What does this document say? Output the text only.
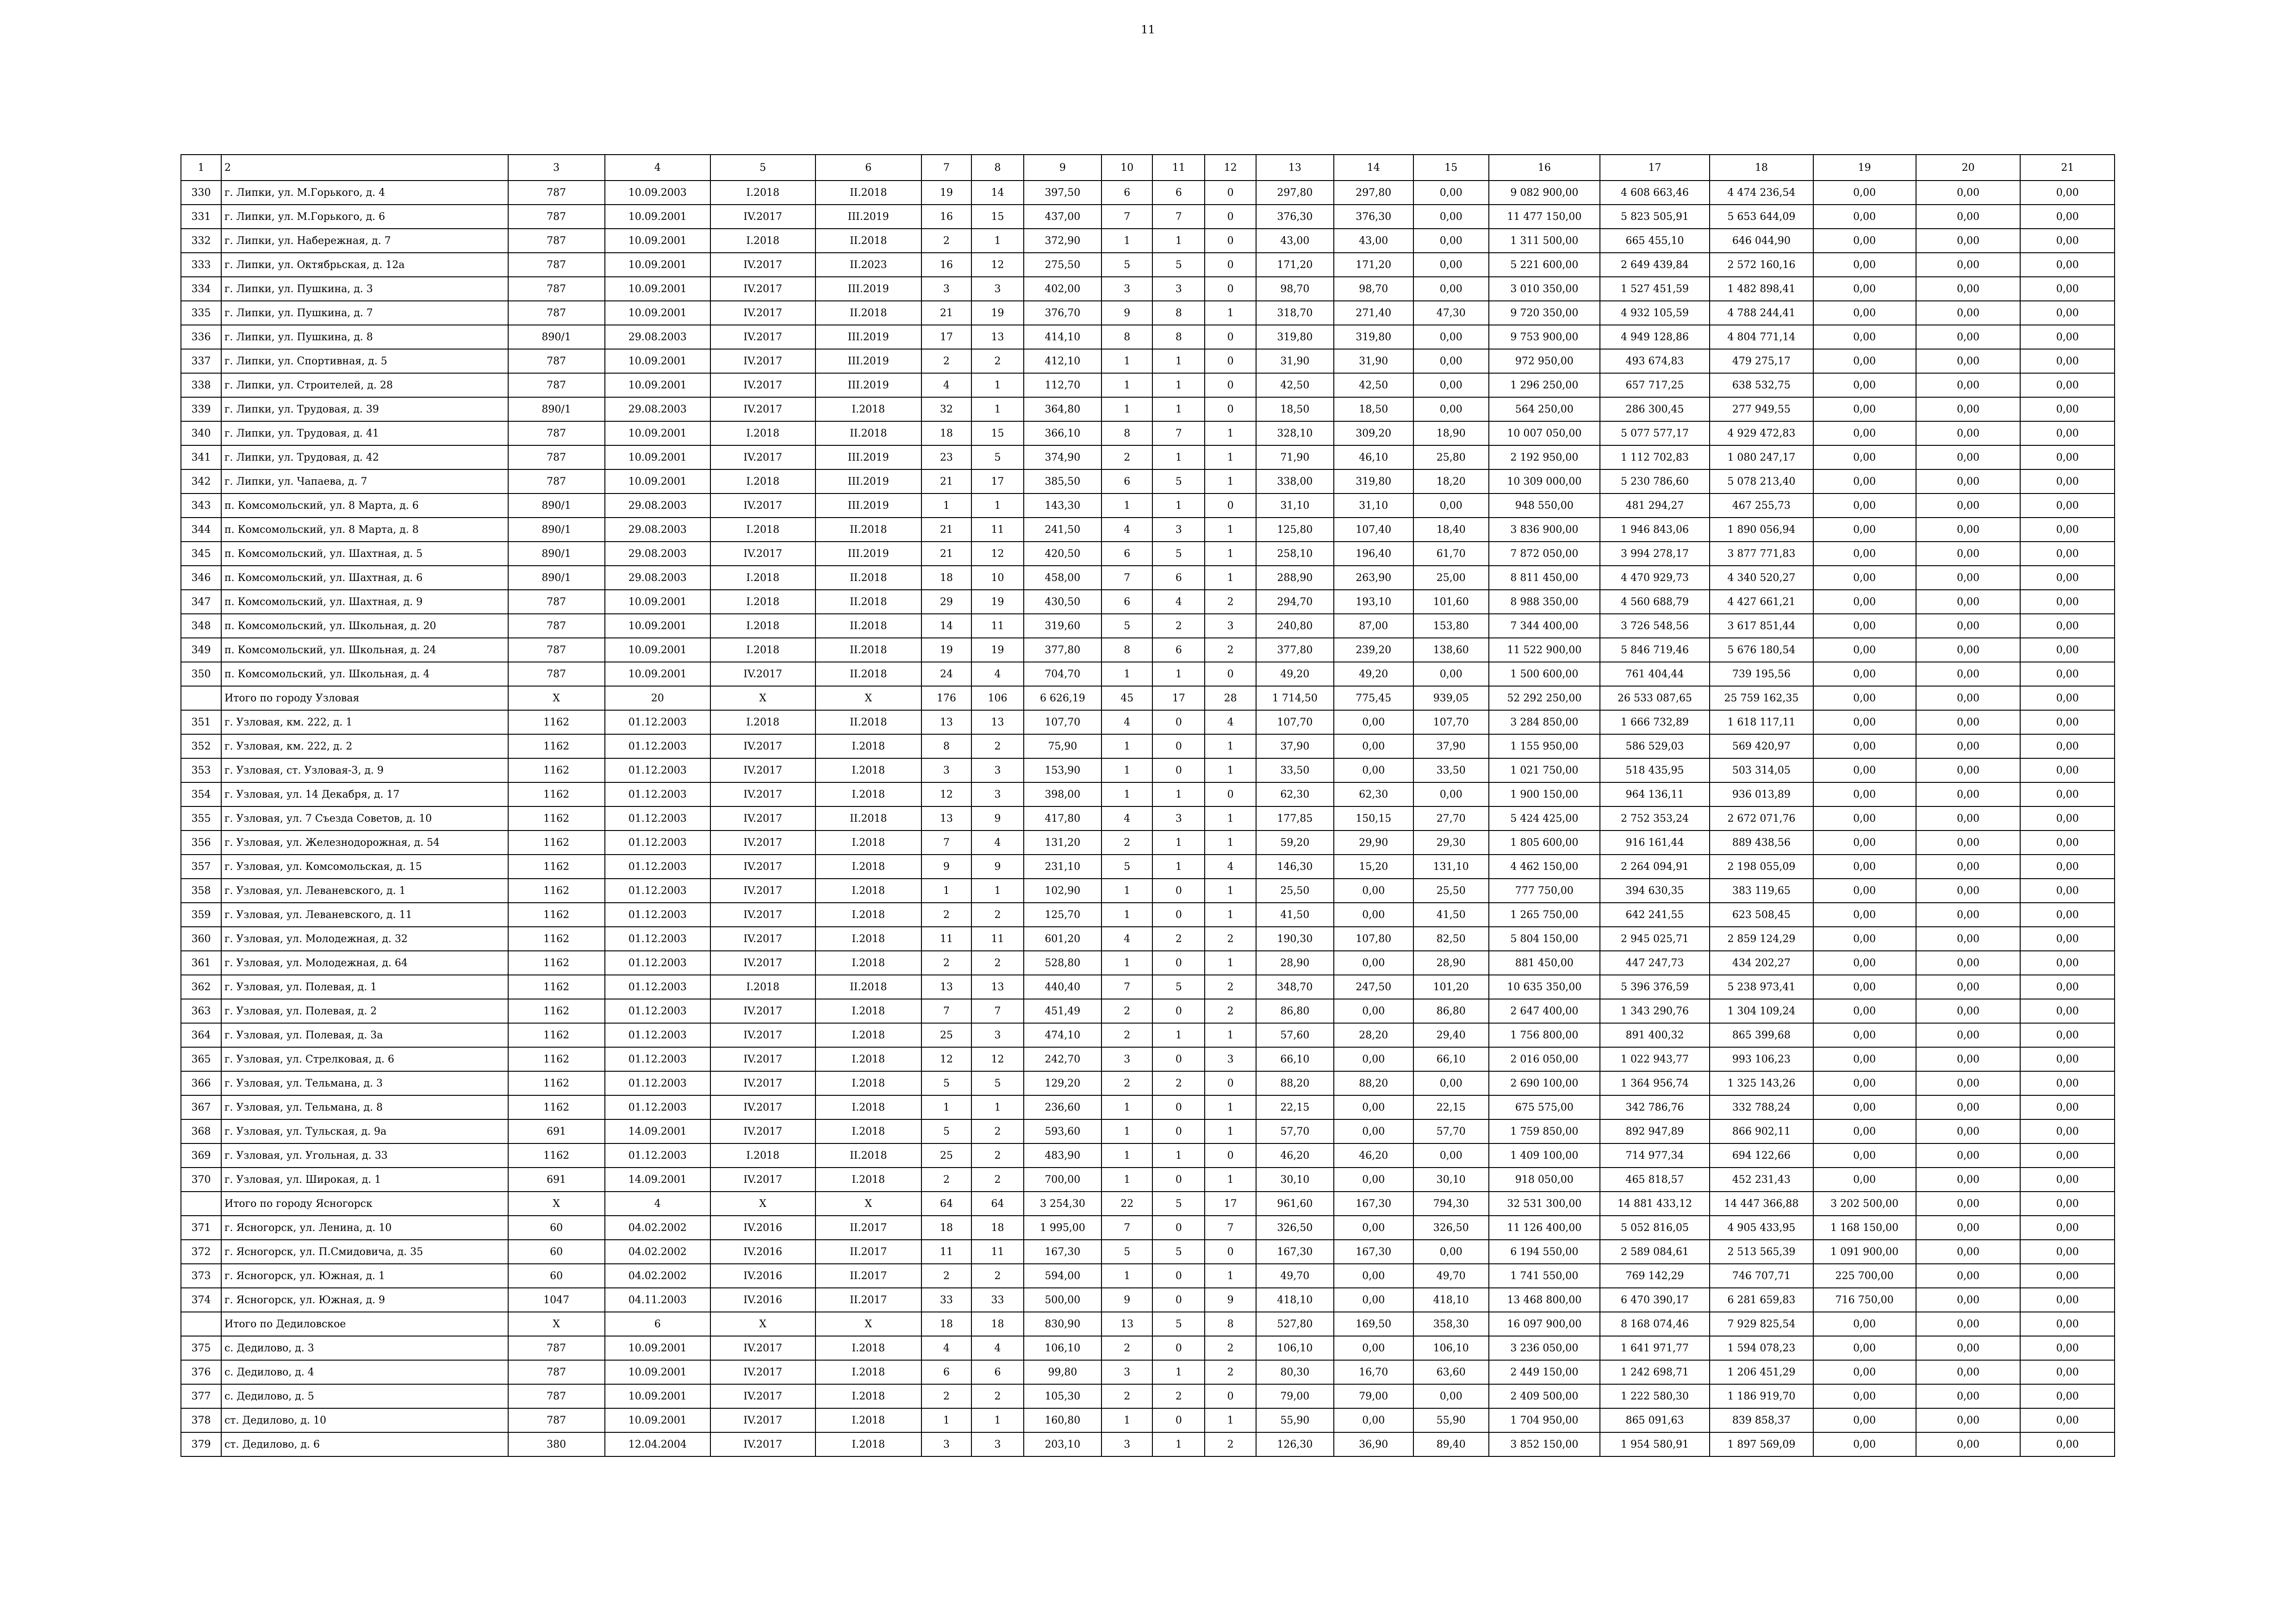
11
1	2	3	4	5	6	7	8	9	10	11	12	13	14	15	16	17	18	19	20	21
330	г. Липки, ул. М.Горького, д. 4	787	10.09.2003	I.2018	II.2018	19	14	397,50	6	6	0	297,80	297,80	0,00	9 082 900,00	4 608 663,46	4 474 236,54	0,00	0,00	0,00
331	г. Липки, ул. М.Горького, д. 6	787	10.09.2001	IV.2017	III.2019	16	15	437,00	7	7	0	376,30	376,30	0,00	11 477 150,00	5 823 505,91	5 653 644,09	0,00	0,00	0,00
332	г. Липки, ул. Набережная, д. 7	787	10.09.2001	I.2018	II.2018	2	1	372,90	1	1	0	43,00	43,00	0,00	1 311 500,00	665 455,10	646 044,90	0,00	0,00	0,00
333	г. Липки, ул. Октябрьская, д. 12а	787	10.09.2001	IV.2017	II.2023	16	12	275,50	5	5	0	171,20	171,20	0,00	5 221 600,00	2 649 439,84	2 572 160,16	0,00	0,00	0,00
334	г. Липки, ул. Пушкина, д. 3	787	10.09.2001	IV.2017	III.2019	3	3	402,00	3	3	0	98,70	98,70	0,00	3 010 350,00	1 527 451,59	1 482 898,41	0,00	0,00	0,00
335	г. Липки, ул. Пушкина, д. 7	787	10.09.2001	IV.2017	II.2018	21	19	376,70	9	8	1	318,70	271,40	47,30	9 720 350,00	4 932 105,59	4 788 244,41	0,00	0,00	0,00
336	г. Липки, ул. Пушкина, д. 8	890/1	29.08.2003	IV.2017	III.2019	17	13	414,10	8	8	0	319,80	319,80	0,00	9 753 900,00	4 949 128,86	4 804 771,14	0,00	0,00	0,00
337	г. Липки, ул. Спортивная, д. 5	787	10.09.2001	IV.2017	III.2019	2	2	412,10	1	1	0	31,90	31,90	0,00	972 950,00	493 674,83	479 275,17	0,00	0,00	0,00
338	г. Липки, ул. Строителей, д. 28	787	10.09.2001	IV.2017	III.2019	4	1	112,70	1	1	0	42,50	42,50	0,00	1 296 250,00	657 717,25	638 532,75	0,00	0,00	0,00
339	г. Липки, ул. Трудовая, д. 39	890/1	29.08.2003	IV.2017	I.2018	32	1	364,80	1	1	0	18,50	18,50	0,00	564 250,00	286 300,45	277 949,55	0,00	0,00	0,00
340	г. Липки, ул. Трудовая, д. 41	787	10.09.2001	I.2018	II.2018	18	15	366,10	8	7	1	328,10	309,20	18,90	10 007 050,00	5 077 577,17	4 929 472,83	0,00	0,00	0,00
341	г. Липки, ул. Трудовая, д. 42	787	10.09.2001	IV.2017	III.2019	23	5	374,90	2	1	1	71,90	46,10	25,80	2 192 950,00	1 112 702,83	1 080 247,17	0,00	0,00	0,00
342	г. Липки, ул. Чапаева, д. 7	787	10.09.2001	I.2018	III.2019	21	17	385,50	6	5	1	338,00	319,80	18,20	10 309 000,00	5 230 786,60	5 078 213,40	0,00	0,00	0,00
343	п. Комсомольский, ул. 8 Марта, д. 6	890/1	29.08.2003	IV.2017	III.2019	1	1	143,30	1	1	0	31,10	31,10	0,00	948 550,00	481 294,27	467 255,73	0,00	0,00	0,00
344	п. Комсомольский, ул. 8 Марта, д. 8	890/1	29.08.2003	I.2018	II.2018	21	11	241,50	4	3	1	125,80	107,40	18,40	3 836 900,00	1 946 843,06	1 890 056,94	0,00	0,00	0,00
345	п. Комсомольский, ул. Шахтная, д. 5	890/1	29.08.2003	IV.2017	III.2019	21	12	420,50	6	5	1	258,10	196,40	61,70	7 872 050,00	3 994 278,17	3 877 771,83	0,00	0,00	0,00
346	п. Комсомольский, ул. Шахтная, д. 6	890/1	29.08.2003	I.2018	II.2018	18	10	458,00	7	6	1	288,90	263,90	25,00	8 811 450,00	4 470 929,73	4 340 520,27	0,00	0,00	0,00
347	п. Комсомольский, ул. Шахтная, д. 9	787	10.09.2001	I.2018	II.2018	29	19	430,50	6	4	2	294,70	193,10	101,60	8 988 350,00	4 560 688,79	4 427 661,21	0,00	0,00	0,00
348	п. Комсомольский, ул. Школьная, д. 20	787	10.09.2001	I.2018	II.2018	14	11	319,60	5	2	3	240,80	87,00	153,80	7 344 400,00	3 726 548,56	3 617 851,44	0,00	0,00	0,00
349	п. Комсомольский, ул. Школьная, д. 24	787	10.09.2001	I.2018	II.2018	19	19	377,80	8	6	2	377,80	239,20	138,60	11 522 900,00	5 846 719,46	5 676 180,54	0,00	0,00	0,00
350	п. Комсомольский, ул. Школьная, д. 4	787	10.09.2001	IV.2017	II.2018	24	4	704,70	1	1	0	49,20	49,20	0,00	1 500 600,00	761 404,44	739 195,56	0,00	0,00	0,00
	Итого по городу Узловая	X	20	X	X	176	106	6 626,19	45	17	28	1 714,50	775,45	939,05	52 292 250,00	26 533 087,65	25 759 162,35	0,00	0,00	0,00
351	г. Узловая, км. 222, д. 1	1162	01.12.2003	I.2018	II.2018	13	13	107,70	4	0	4	107,70	0,00	107,70	3 284 850,00	1 666 732,89	1 618 117,11	0,00	0,00	0,00
352	г. Узловая, км. 222, д. 2	1162	01.12.2003	IV.2017	I.2018	8	2	75,90	1	0	1	37,90	0,00	37,90	1 155 950,00	586 529,03	569 420,97	0,00	0,00	0,00
353	г. Узловая, ст. Узловая-3, д. 9	1162	01.12.2003	IV.2017	I.2018	3	3	153,90	1	0	1	33,50	0,00	33,50	1 021 750,00	518 435,95	503 314,05	0,00	0,00	0,00
354	г. Узловая, ул. 14 Декабря, д. 17	1162	01.12.2003	IV.2017	I.2018	12	3	398,00	1	1	0	62,30	62,30	0,00	1 900 150,00	964 136,11	936 013,89	0,00	0,00	0,00
355	г. Узловая, ул. 7 Съезда Советов, д. 10	1162	01.12.2003	IV.2017	II.2018	13	9	417,80	4	3	1	177,85	150,15	27,70	5 424 425,00	2 752 353,24	2 672 071,76	0,00	0,00	0,00
356	г. Узловая, ул. Железнодорожная, д. 54	1162	01.12.2003	IV.2017	I.2018	7	4	131,20	2	1	1	59,20	29,90	29,30	1 805 600,00	916 161,44	889 438,56	0,00	0,00	0,00
357	г. Узловая, ул. Комсомольская, д. 15	1162	01.12.2003	IV.2017	I.2018	9	9	231,10	5	1	4	146,30	15,20	131,10	4 462 150,00	2 264 094,91	2 198 055,09	0,00	0,00	0,00
358	г. Узловая, ул. Леваневского, д. 1	1162	01.12.2003	IV.2017	I.2018	1	1	102,90	1	0	1	25,50	0,00	25,50	777 750,00	394 630,35	383 119,65	0,00	0,00	0,00
359	г. Узловая, ул. Леваневского, д. 11	1162	01.12.2003	IV.2017	I.2018	2	2	125,70	1	0	1	41,50	0,00	41,50	1 265 750,00	642 241,55	623 508,45	0,00	0,00	0,00
360	г. Узловая, ул. Молодежная, д. 32	1162	01.12.2003	IV.2017	I.2018	11	11	601,20	4	2	2	190,30	107,80	82,50	5 804 150,00	2 945 025,71	2 859 124,29	0,00	0,00	0,00
361	г. Узловая, ул. Молодежная, д. 64	1162	01.12.2003	IV.2017	I.2018	2	2	528,80	1	0	1	28,90	0,00	28,90	881 450,00	447 247,73	434 202,27	0,00	0,00	0,00
362	г. Узловая, ул. Полевая, д. 1	1162	01.12.2003	I.2018	II.2018	13	13	440,40	7	5	2	348,70	247,50	101,20	10 635 350,00	5 396 376,59	5 238 973,41	0,00	0,00	0,00
363	г. Узловая, ул. Полевая, д. 2	1162	01.12.2003	IV.2017	I.2018	7	7	451,49	2	0	2	86,80	0,00	86,80	2 647 400,00	1 343 290,76	1 304 109,24	0,00	0,00	0,00
364	г. Узловая, ул. Полевая, д. 3а	1162	01.12.2003	IV.2017	I.2018	25	3	474,10	2	1	1	57,60	28,20	29,40	1 756 800,00	891 400,32	865 399,68	0,00	0,00	0,00
365	г. Узловая, ул. Стрелковая, д. 6	1162	01.12.2003	IV.2017	I.2018	12	12	242,70	3	0	3	66,10	0,00	66,10	2 016 050,00	1 022 943,77	993 106,23	0,00	0,00	0,00
366	г. Узловая, ул. Тельмана, д. 3	1162	01.12.2003	IV.2017	I.2018	5	5	129,20	2	2	0	88,20	88,20	0,00	2 690 100,00	1 364 956,74	1 325 143,26	0,00	0,00	0,00
367	г. Узловая, ул. Тельмана, д. 8	1162	01.12.2003	IV.2017	I.2018	1	1	236,60	1	0	1	22,15	0,00	22,15	675 575,00	342 786,76	332 788,24	0,00	0,00	0,00
368	г. Узловая, ул. Тульская, д. 9а	691	14.09.2001	IV.2017	I.2018	5	2	593,60	1	0	1	57,70	0,00	57,70	1 759 850,00	892 947,89	866 902,11	0,00	0,00	0,00
369	г. Узловая, ул. Угольная, д. 33	1162	01.12.2003	I.2018	II.2018	25	2	483,90	1	1	0	46,20	46,20	0,00	1 409 100,00	714 977,34	694 122,66	0,00	0,00	0,00
370	г. Узловая, ул. Широкая, д. 1	691	14.09.2001	IV.2017	I.2018	2	2	700,00	1	0	1	30,10	0,00	30,10	918 050,00	465 818,57	452 231,43	0,00	0,00	0,00
	Итого по городу Ясногорск	X	4	X	X	64	64	3 254,30	22	5	17	961,60	167,30	794,30	32 531 300,00	14 881 433,12	14 447 366,88	3 202 500,00	0,00	0,00
371	г. Ясногорск, ул. Ленина, д. 10	60	04.02.2002	IV.2016	II.2017	18	18	1 995,00	7	0	7	326,50	0,00	326,50	11 126 400,00	5 052 816,05	4 905 433,95	1 168 150,00	0,00	0,00
372	г. Ясногорск, ул. П.Смидовича, д. 35	60	04.02.2002	IV.2016	II.2017	11	11	167,30	5	5	0	167,30	167,30	0,00	6 194 550,00	2 589 084,61	2 513 565,39	1 091 900,00	0,00	0,00
373	г. Ясногорск, ул. Южная, д. 1	60	04.02.2002	IV.2016	II.2017	2	2	594,00	1	0	1	49,70	0,00	49,70	1 741 550,00	769 142,29	746 707,71	225 700,00	0,00	0,00
374	г. Ясногорск, ул. Южная, д. 9	1047	04.11.2003	IV.2016	II.2017	33	33	500,00	9	0	9	418,10	0,00	418,10	13 468 800,00	6 470 390,17	6 281 659,83	716 750,00	0,00	0,00
	Итого по Дедиловское	X	6	X	X	18	18	830,90	13	5	8	527,80	169,50	358,30	16 097 900,00	8 168 074,46	7 929 825,54	0,00	0,00	0,00
375	с. Дедилово, д. 3	787	10.09.2001	IV.2017	I.2018	4	4	106,10	2	0	2	106,10	0,00	106,10	3 236 050,00	1 641 971,77	1 594 078,23	0,00	0,00	0,00
376	с. Дедилово, д. 4	787	10.09.2001	IV.2017	I.2018	6	6	99,80	3	1	2	80,30	16,70	63,60	2 449 150,00	1 242 698,71	1 206 451,29	0,00	0,00	0,00
377	с. Дедилово, д. 5	787	10.09.2001	IV.2017	I.2018	2	2	105,30	2	2	0	79,00	79,00	0,00	2 409 500,00	1 222 580,30	1 186 919,70	0,00	0,00	0,00
378	ст. Дедилово, д. 10	787	10.09.2001	IV.2017	I.2018	1	1	160,80	1	0	1	55,90	0,00	55,90	1 704 950,00	865 091,63	839 858,37	0,00	0,00	0,00
379	ст. Дедилово, д. 6	380	12.04.2004	IV.2017	I.2018	3	3	203,10	3	1	2	126,30	36,90	89,40	3 852 150,00	1 954 580,91	1 897 569,09	0,00	0,00	0,00
